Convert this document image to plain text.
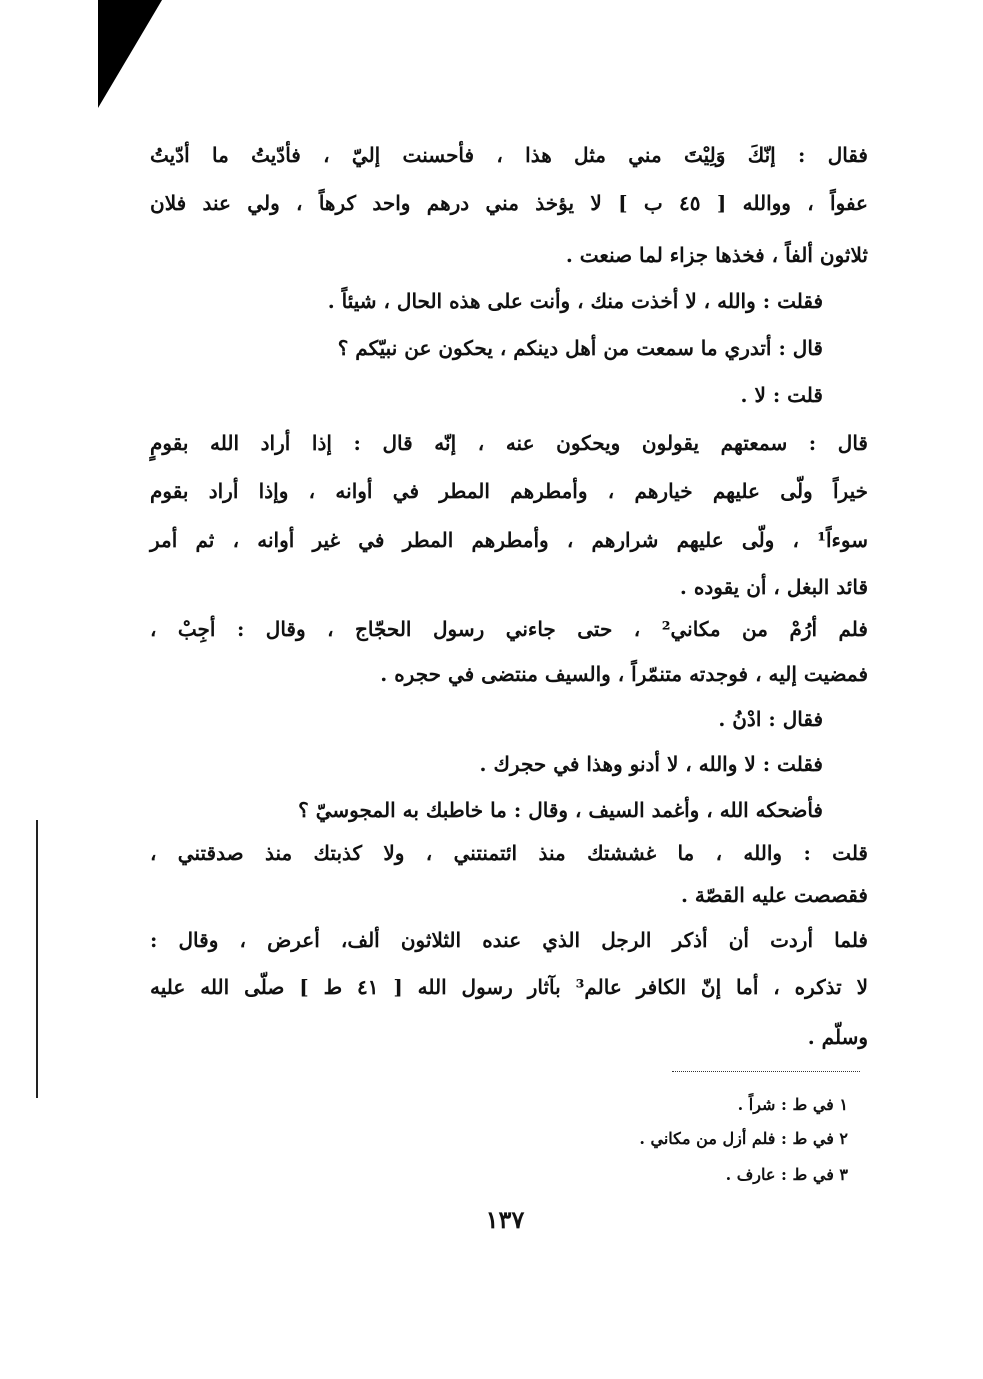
فقال : إنّكَ وَلِيْتَ مني مثل هذا ، فأحسنت إليّ ، فأدّيتُ ما أدّيتُ
عفواً ، ووالله [ ٤٥ ب ] لا يؤخذ مني درهم واحد كرهاً ، ولي عند فلان
ثلاثون ألفاً ، فخذها جزاء لما صنعت .
فقلت : والله ، لا أخذت منك ، وأنت على هذه الحال ، شيئاً .
قال : أتدري ما سمعت من أهل دينكم ، يحكون عن نبيّكم ؟
قلت : لا .
قال : سمعتهم يقولون ويحكون عنه ، إنّه قال : إذا أراد الله بقومٍ
خيراً ولّى عليهم خيارهم ، وأمطرهم المطر في أوانه ، وإذا أراد بقوم
سوءاً¹ ، ولّى عليهم شرارهم ، وأمطرهم المطر في غير أوانه ، ثم أمر
قائد البغل ، أن يقوده .
فلم أرُمْ من مكاني² ، حتى جاءني رسول الحجّاج ، وقال : أجِبْ ،
فمضيت إليه ، فوجدته متنمّراً ، والسيف منتضى في حجره .
فقال : ادْنُ .
فقلت : لا والله ، لا أدنو وهذا في حجرك .
فأضحكه الله ، وأغمد السيف ، وقال : ما خاطبك به المجوسيّ ؟
قلت : والله ، ما غششتك منذ ائتمنتني ، ولا كذبتك منذ صدقتني ،
فقصصت عليه القصّة .
فلما أردت أن أذكر الرجل الذي عنده الثلاثون ألف، أعرض ، وقال :
لا تذكره ، أما إنّ الكافر عالم³ بآثار رسول الله [ ٤١ ط ] صلّى الله عليه
وسلّم .
١ في ط : شراً .
٢ في ط : فلم أزل من مكاني .
٣ في ط : عارف .
١٣٧
